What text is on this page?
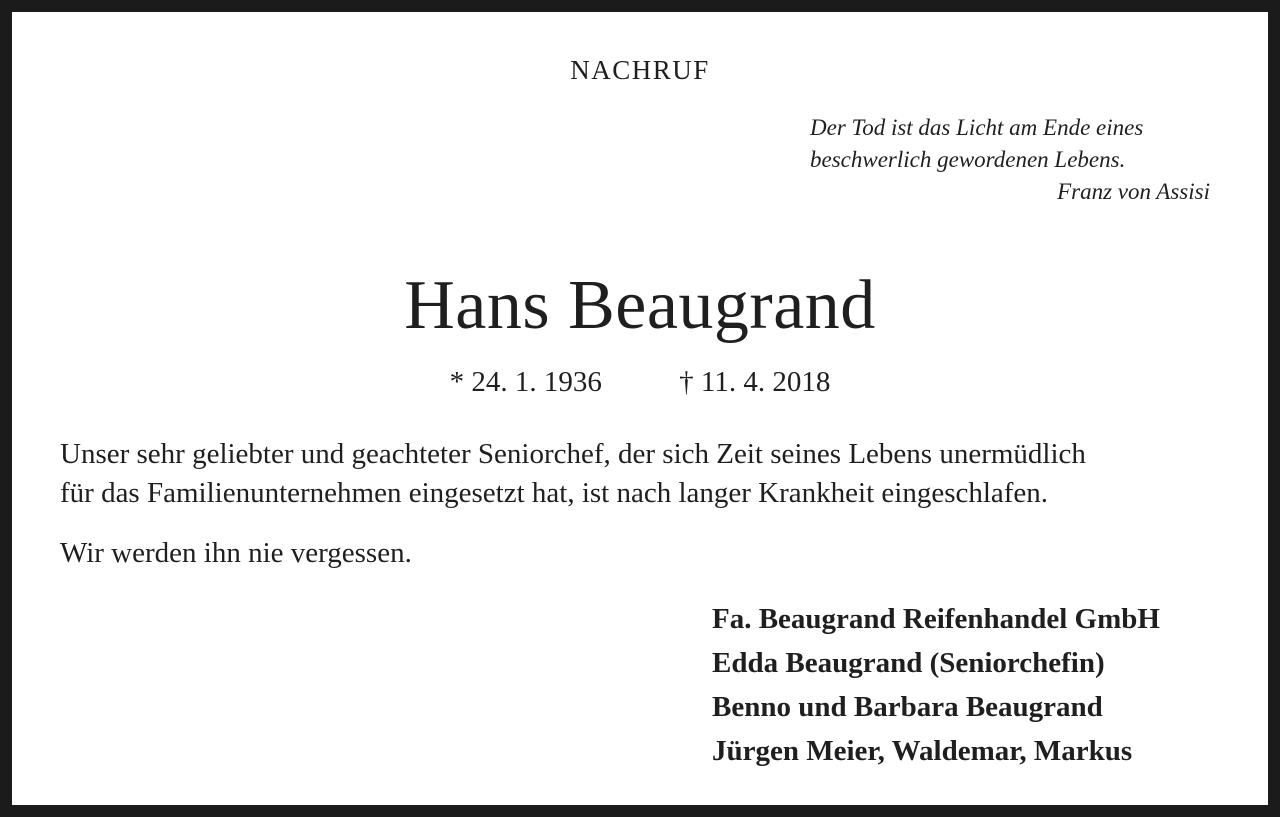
NACHRUF
Der Tod ist das Licht am Ende eines
beschwerlich gewordenen Lebens.
Franz von Assisi
Hans Beaugrand
* 24. 1. 1936	† 11. 4. 2018
Unser sehr geliebter und geachteter Seniorchef, der sich Zeit seines Lebens unermüdlich
für das Familienunternehmen eingesetzt hat, ist nach langer Krankheit eingeschlafen.
Wir werden ihn nie vergessen.
Fa. Beaugrand Reifenhandel GmbH
Edda Beaugrand (Seniorchefin)
Benno und Barbara Beaugrand
Jürgen Meier, Waldemar, Markus
